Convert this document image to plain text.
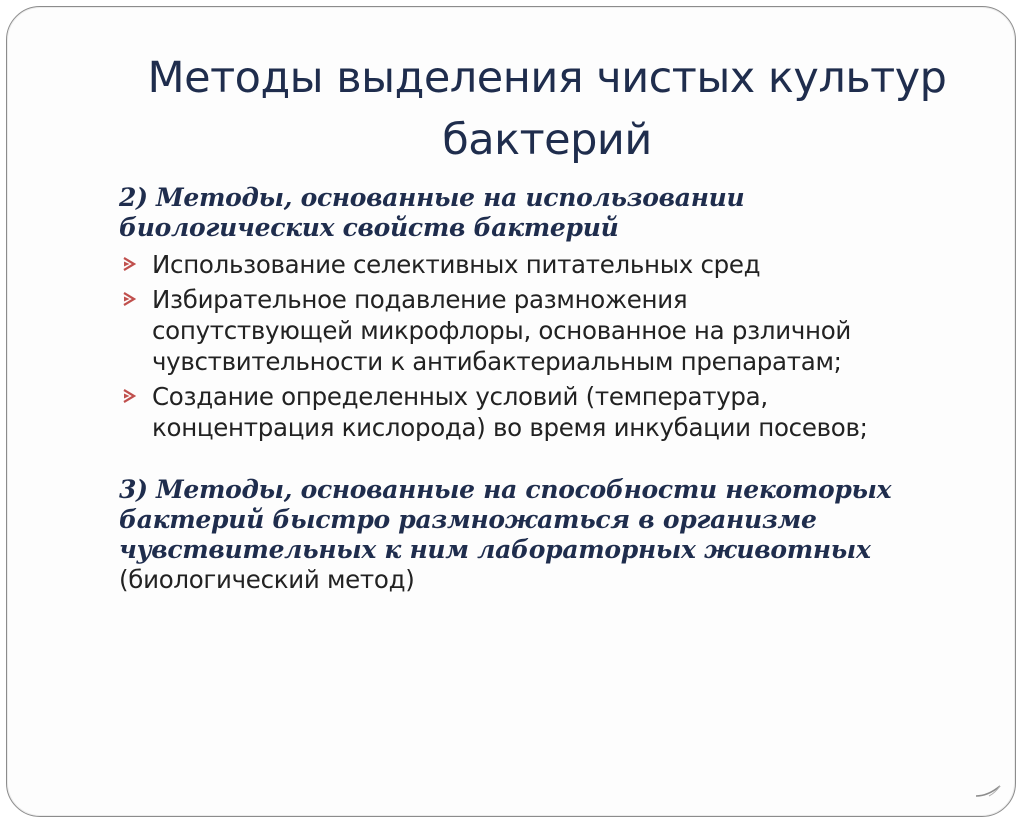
Методы выделения чистых культур
бактерий
2) Методы, основанные на использовании
биологических свойств бактерий
Использование селективных питательных сред
Избирательное подавление размножения
сопутствующей микрофлоры, основанное на рзличной
чувствительности к антибактериальным препаратам;
Создание определенных условий (температура,
концентрация кислорода) во время инкубации посевов;
3) Методы, основанные на способности некоторых
бактерий быстро размножаться в организме
чувствительных к ним лабораторных животных
(биологический метод)
